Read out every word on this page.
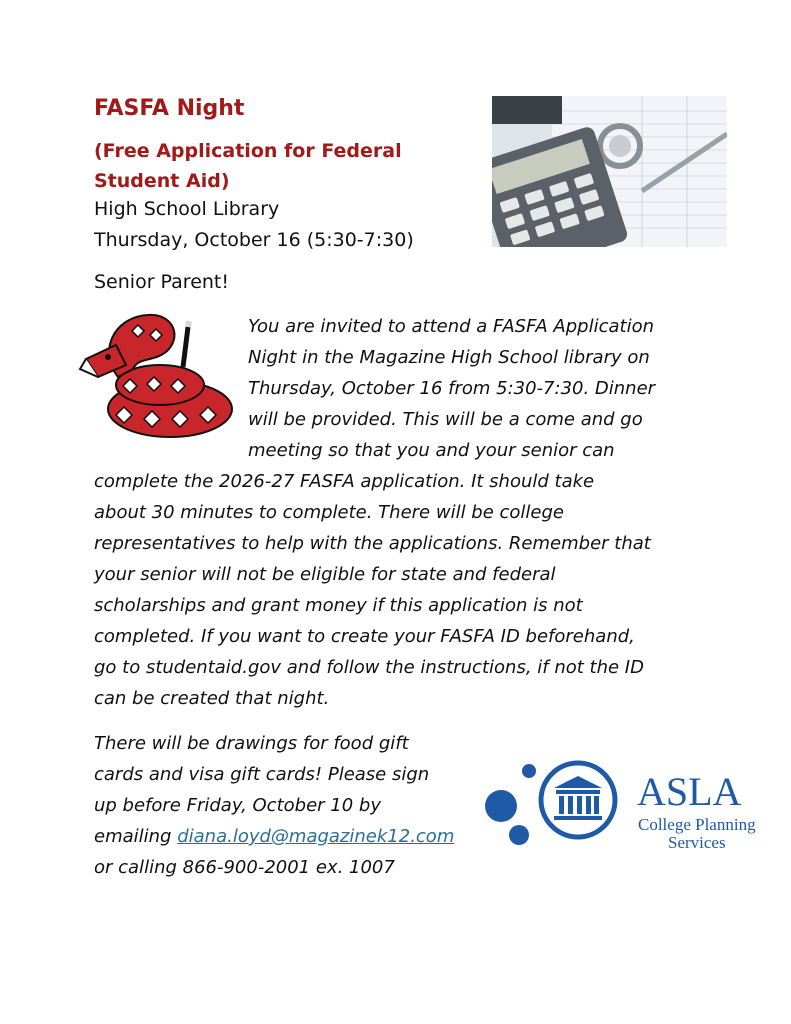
FASFA Night
(Free Application for Federal Student Aid)
High School Library
Thursday, October 16 (5:30-7:30)
Senior Parent!
You are invited to attend a FASFA Application
Night in the Magazine High School library on
Thursday, October 16 from 5:30-7:30. Dinner
will be provided. This will be a come and go
meeting so that you and your senior can
complete the 2026-27 FASFA application. It should take
about 30 minutes to complete. There will be college
representatives to help with the applications. Remember that
your senior will not be eligible for state and federal
scholarships and grant money if this application is not
completed. If you want to create your FASFA ID beforehand,
go to studentaid.gov and follow the instructions, if not the ID
can be created that night.
There will be drawings for food gift
cards and visa gift cards! Please sign
up before Friday, October 10 by
emailing diana.loyd@magazinek12.com
or calling 866-900-2001 ex. 1007
ASLA
College Planning
Services
